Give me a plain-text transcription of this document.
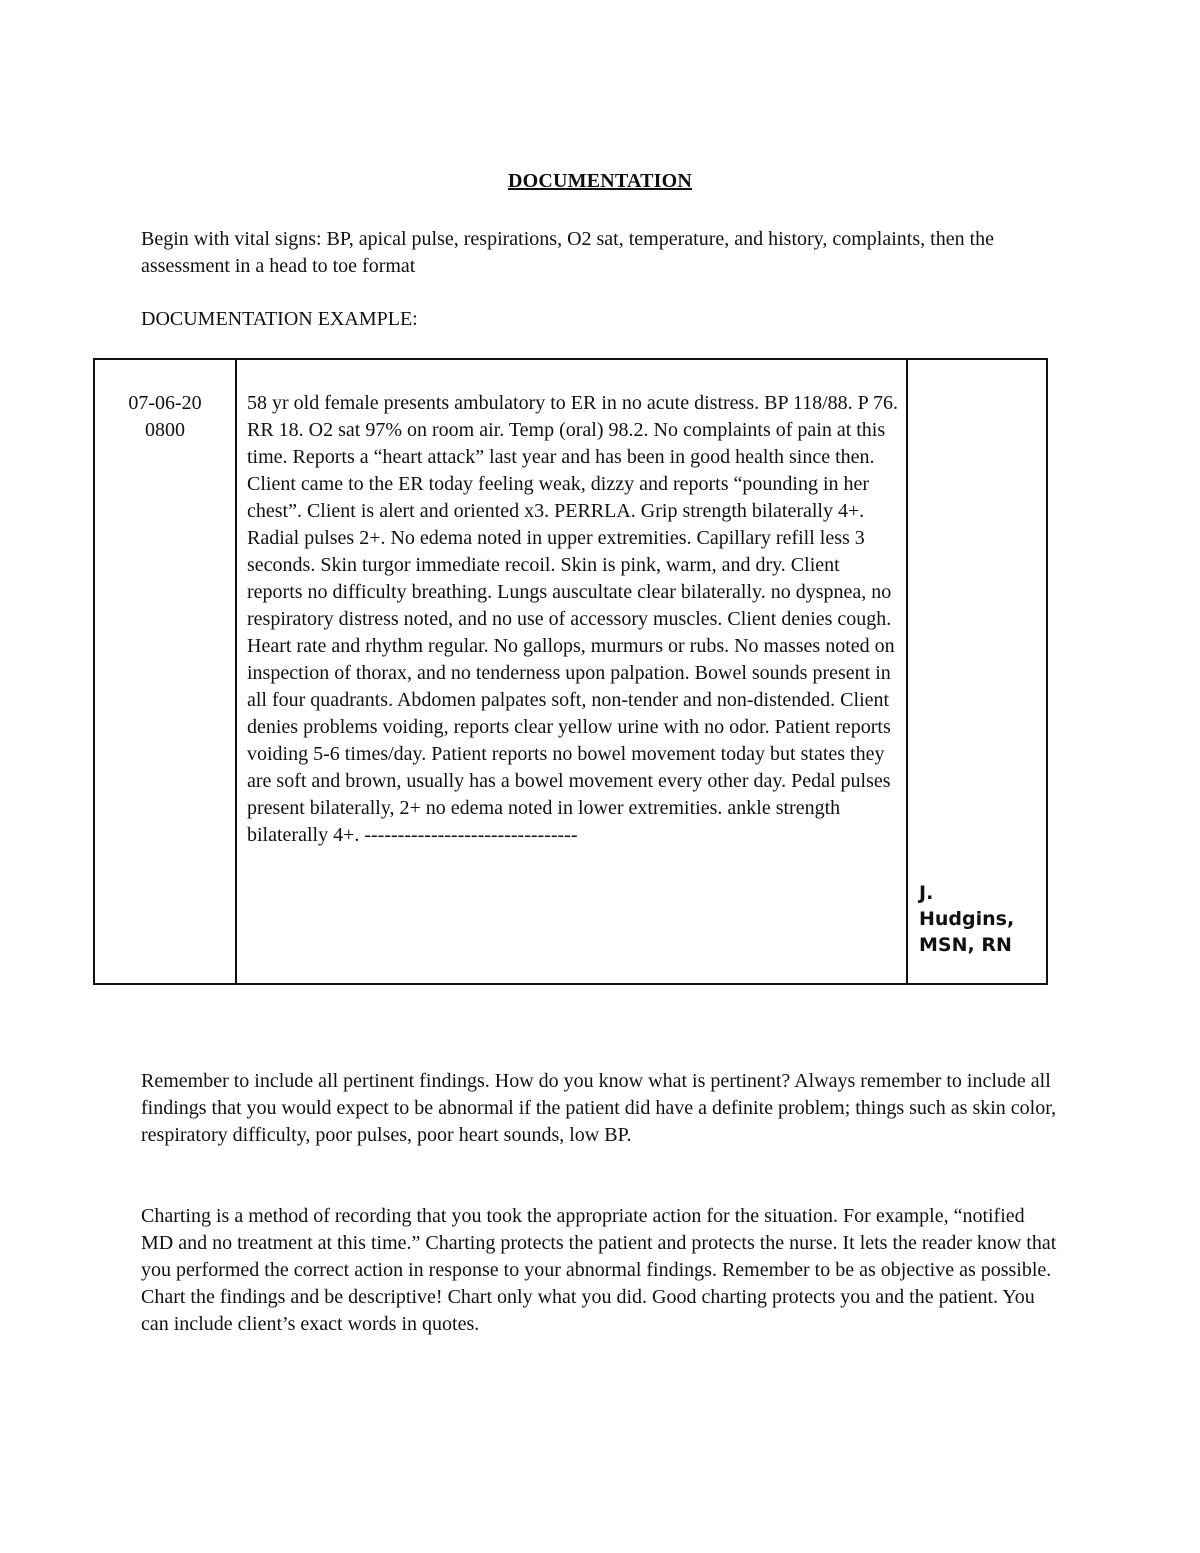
DOCUMENTATION

Begin with vital signs: BP, apical pulse, respirations, O2 sat, temperature, and history, complaints, then the assessment in a head to toe format

DOCUMENTATION EXAMPLE:

07-06-20
0800
58 yr old female presents ambulatory to ER in no acute distress. BP 118/88. P 76. RR 18. O2 sat 97% on room air. Temp (oral) 98.2. No complaints of pain at this time. Reports a “heart attack” last year and has been in good health since then. Client came to the ER today feeling weak, dizzy and reports “pounding in her chest”. Client is alert and oriented x3. PERRLA. Grip strength bilaterally 4+. Radial pulses 2+. No edema noted in upper extremities. Capillary refill less 3 seconds. Skin turgor immediate recoil. Skin is pink, warm, and dry. Client reports no difficulty breathing. Lungs auscultate clear bilaterally. no dyspnea, no respiratory distress noted, and no use of accessory muscles. Client denies cough. Heart rate and rhythm regular. No gallops, murmurs or rubs. No masses noted on inspection of thorax, and no tenderness upon palpation. Bowel sounds present in all four quadrants. Abdomen palpates soft, non-tender and non-distended. Client denies problems voiding, reports clear yellow urine with no odor. Patient reports voiding 5-6 times/day. Patient reports no bowel movement today but states they are soft and brown, usually has a bowel movement every other day. Pedal pulses present bilaterally, 2+ no edema noted in lower extremities. ankle strength bilaterally 4+. --------------------------------
J.
Hudgins,
MSN, RN

Remember to include all pertinent findings. How do you know what is pertinent? Always remember to include all findings that you would expect to be abnormal if the patient did have a definite problem; things such as skin color, respiratory difficulty, poor pulses, poor heart sounds, low BP.

Charting is a method of recording that you took the appropriate action for the situation. For example, “notified MD and no treatment at this time.” Charting protects the patient and protects the nurse. It lets the reader know that you performed the correct action in response to your abnormal findings. Remember to be as objective as possible. Chart the findings and be descriptive! Chart only what you did. Good charting protects you and the patient. You can include client’s exact words in quotes.
